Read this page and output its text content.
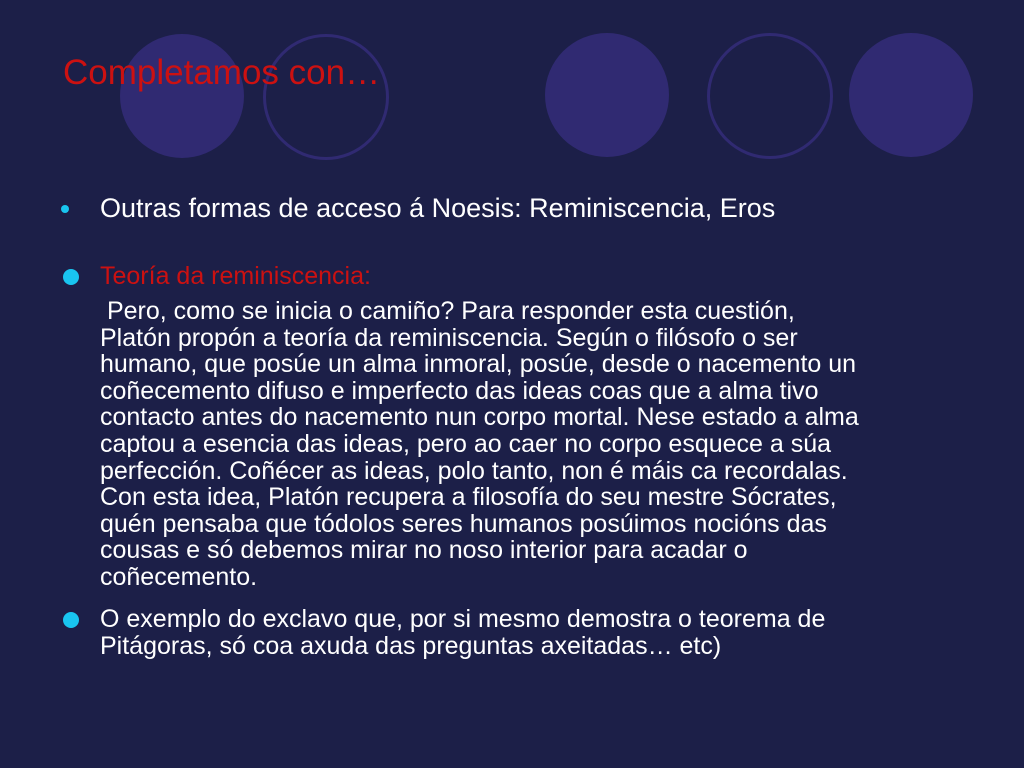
Completamos con…
Outras formas de acceso á Noesis: Reminiscencia, Eros
Teoría da reminiscencia:
Pero, como se inicia o camiño? Para responder esta cuestión,
Platón propón a teoría da reminiscencia. Según o filósofo o ser
humano, que posúe un alma inmoral, posúe, desde o nacemento un
coñecemento difuso e imperfecto das ideas coas que a alma tivo
contacto antes do nacemento nun corpo mortal. Nese estado a alma
captou a esencia das ideas, pero ao caer no corpo esquece a súa
perfección. Coñécer as ideas, polo tanto, non é máis ca recordalas.
Con esta idea, Platón recupera a filosofía do seu mestre Sócrates,
quén pensaba que tódolos seres humanos posúimos nocións das
cousas e só debemos mirar no noso interior para acadar o
coñecemento.
O exemplo do exclavo que, por si mesmo demostra o teorema de
Pitágoras, só coa axuda das preguntas axeitadas… etc)
